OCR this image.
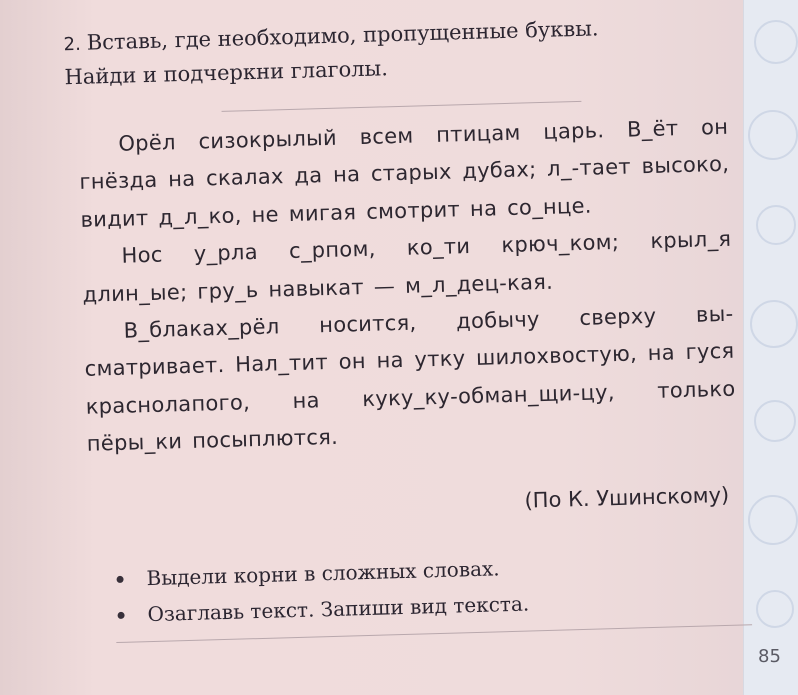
2. Вставь, где необходимо, пропущенные буквы.
Найди и подчеркни глаголы.

Орёл сизокрылый всем птицам царь. В_ёт он гнёзда на скалах да на старых дубах; л_-тает высоко, видит д_л_ко, не мигая смотрит на со_нце.

Нос у_рла с_рпом, ко_ти крюч_ком; крыл_я длин_ые; гру_ь навыкат — м_л_дец-кая.

В_блаках_рёл носится, добычу сверху вы-сматривает. Нал_тит он на утку шилохвостую, на гуся краснолапого, на куку_ку-обман_щи-цу, только пёры_ки посыплются.

(По К. Ушинскому)
Выдели корни в сложных словах.
Озаглавь текст. Запиши вид текста.
85
